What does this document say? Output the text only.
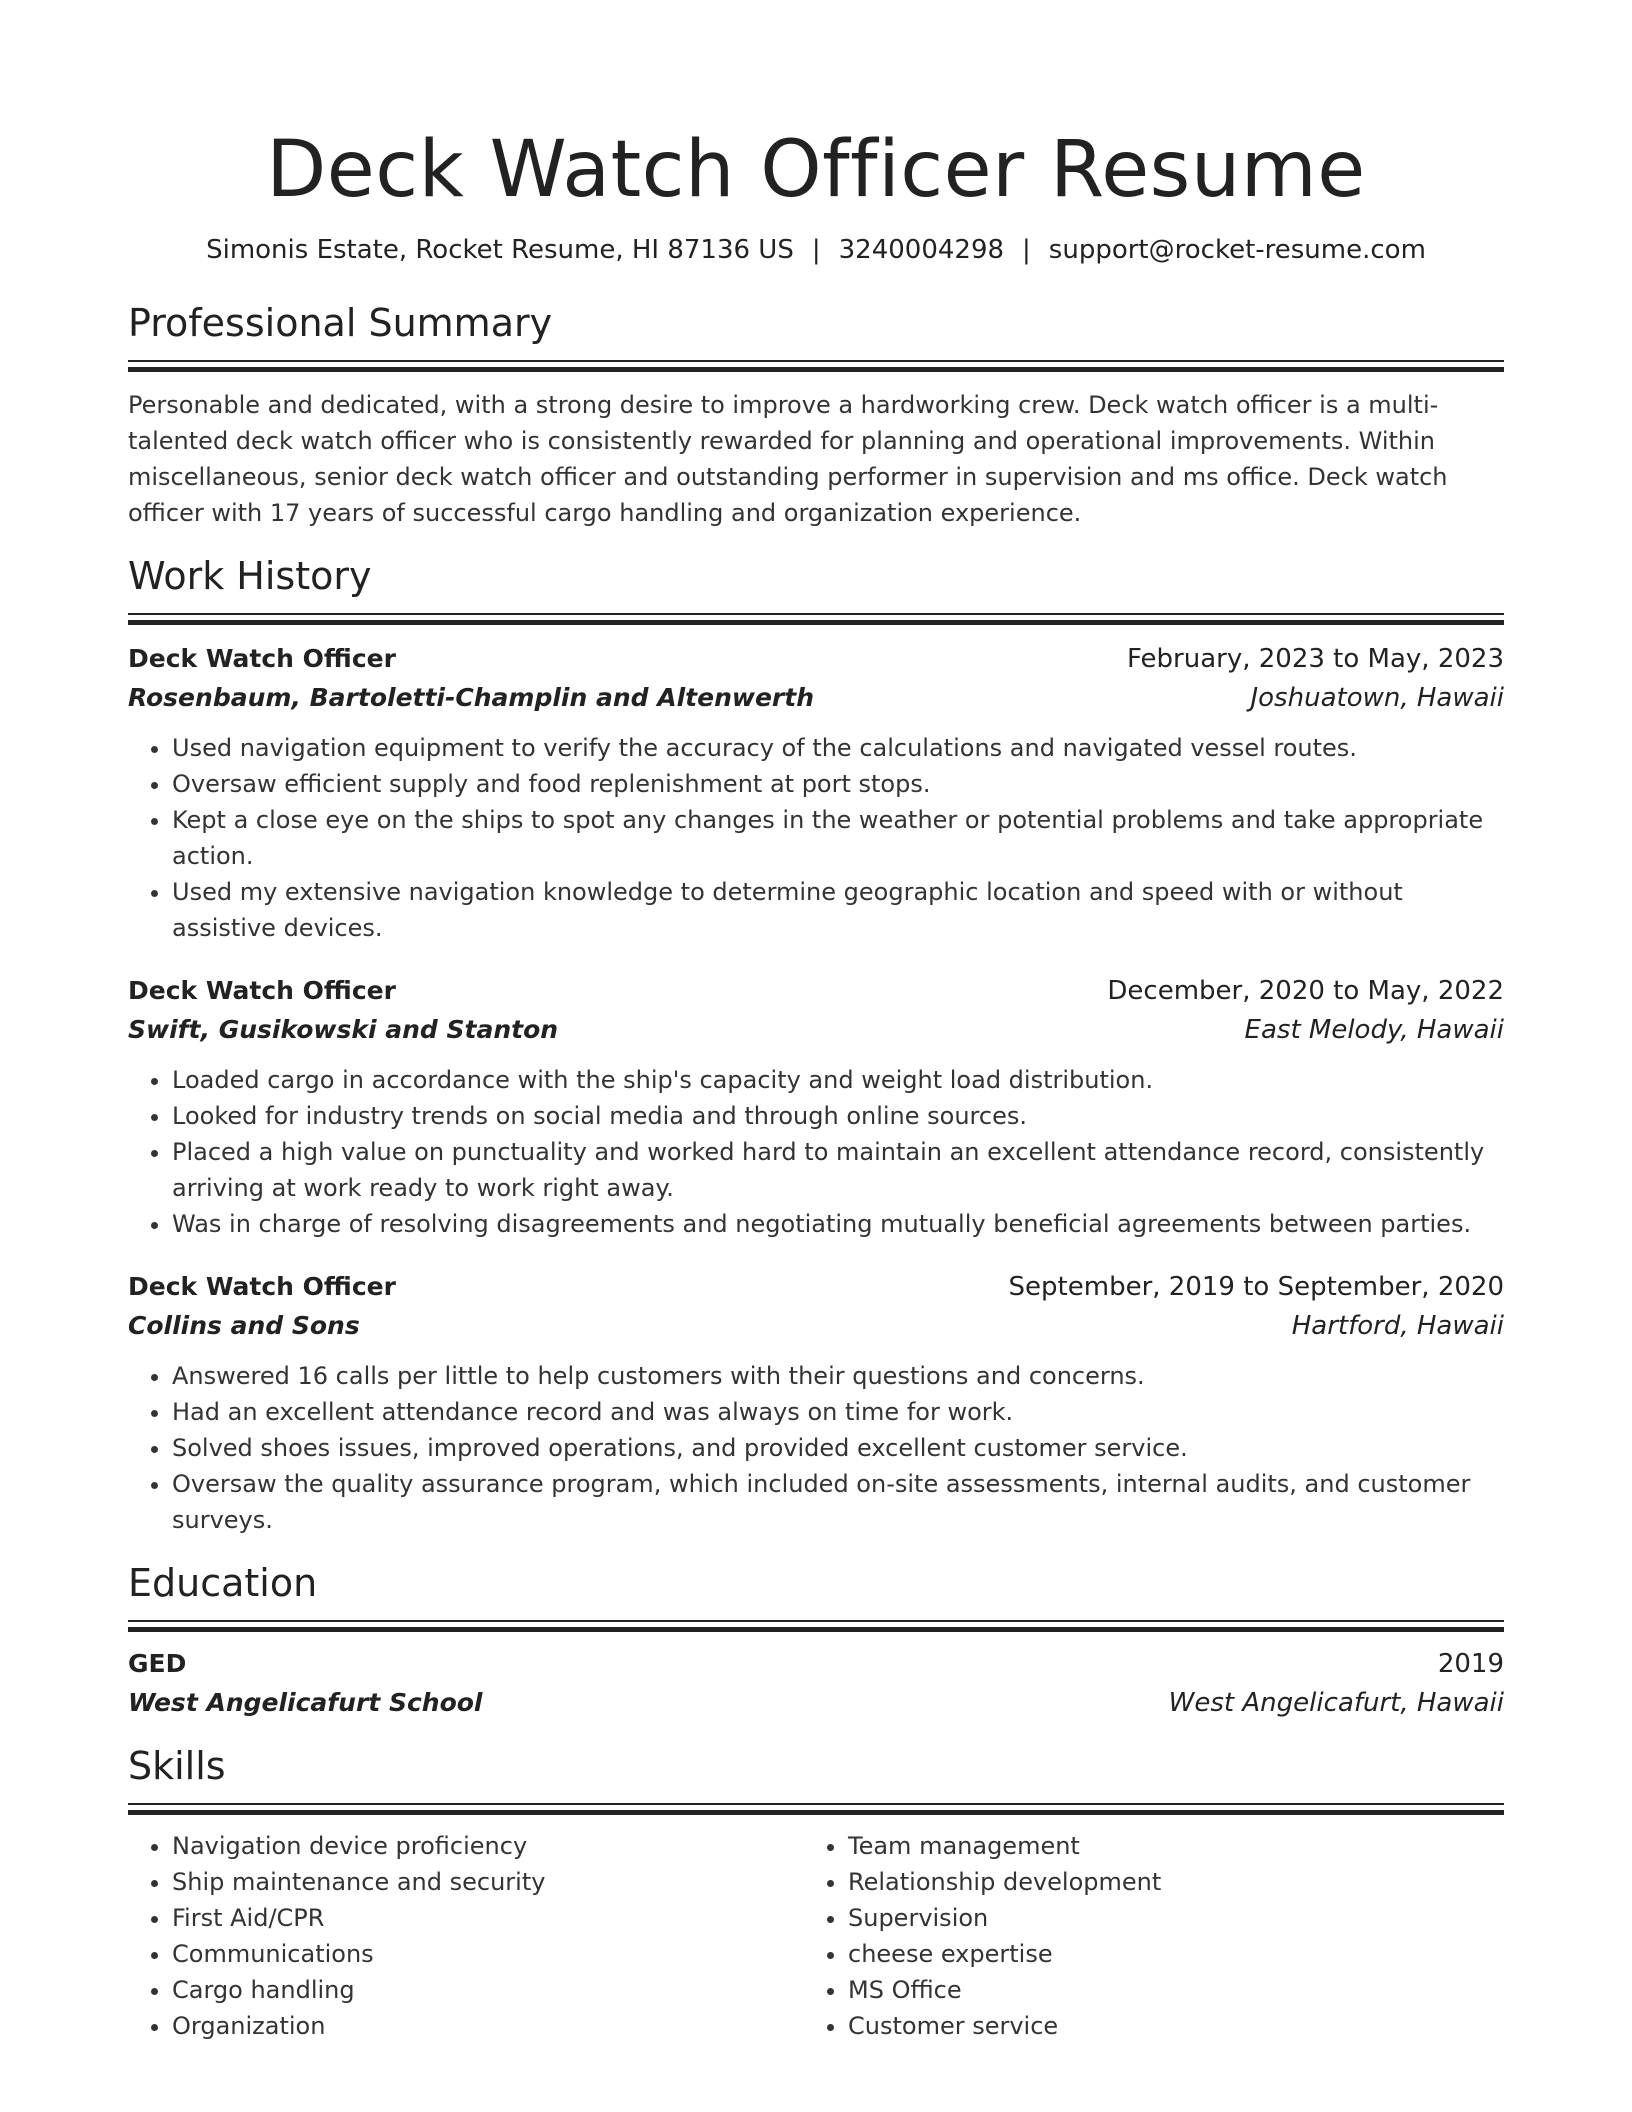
Deck Watch Officer Resume
Simonis Estate, Rocket Resume, HI 87136 US | 3240004298 | support@rocket-resume.com
Professional Summary
Personable and dedicated, with a strong desire to improve a hardworking crew. Deck watch officer is a multi-talented deck watch officer who is consistently rewarded for planning and operational improvements. Within miscellaneous, senior deck watch officer and outstanding performer in supervision and ms office. Deck watch officer with 17 years of successful cargo handling and organization experience.
Work History
Deck Watch Officer	February, 2023 to May, 2023
Rosenbaum, Bartoletti-Champlin and Altenwerth	Joshuatown, Hawaii
• Used navigation equipment to verify the accuracy of the calculations and navigated vessel routes.
• Oversaw efficient supply and food replenishment at port stops.
• Kept a close eye on the ships to spot any changes in the weather or potential problems and take appropriate action.
• Used my extensive navigation knowledge to determine geographic location and speed with or without assistive devices.
Deck Watch Officer	December, 2020 to May, 2022
Swift, Gusikowski and Stanton	East Melody, Hawaii
• Loaded cargo in accordance with the ship's capacity and weight load distribution.
• Looked for industry trends on social media and through online sources.
• Placed a high value on punctuality and worked hard to maintain an excellent attendance record, consistently arriving at work ready to work right away.
• Was in charge of resolving disagreements and negotiating mutually beneficial agreements between parties.
Deck Watch Officer	September, 2019 to September, 2020
Collins and Sons	Hartford, Hawaii
• Answered 16 calls per little to help customers with their questions and concerns.
• Had an excellent attendance record and was always on time for work.
• Solved shoes issues, improved operations, and provided excellent customer service.
• Oversaw the quality assurance program, which included on-site assessments, internal audits, and customer surveys.
Education
GED	2019
West Angelicafurt School	West Angelicafurt, Hawaii
Skills
• Navigation device proficiency
• Ship maintenance and security
• First Aid/CPR
• Communications
• Cargo handling
• Organization
• Team management
• Relationship development
• Supervision
• cheese expertise
• MS Office
• Customer service
